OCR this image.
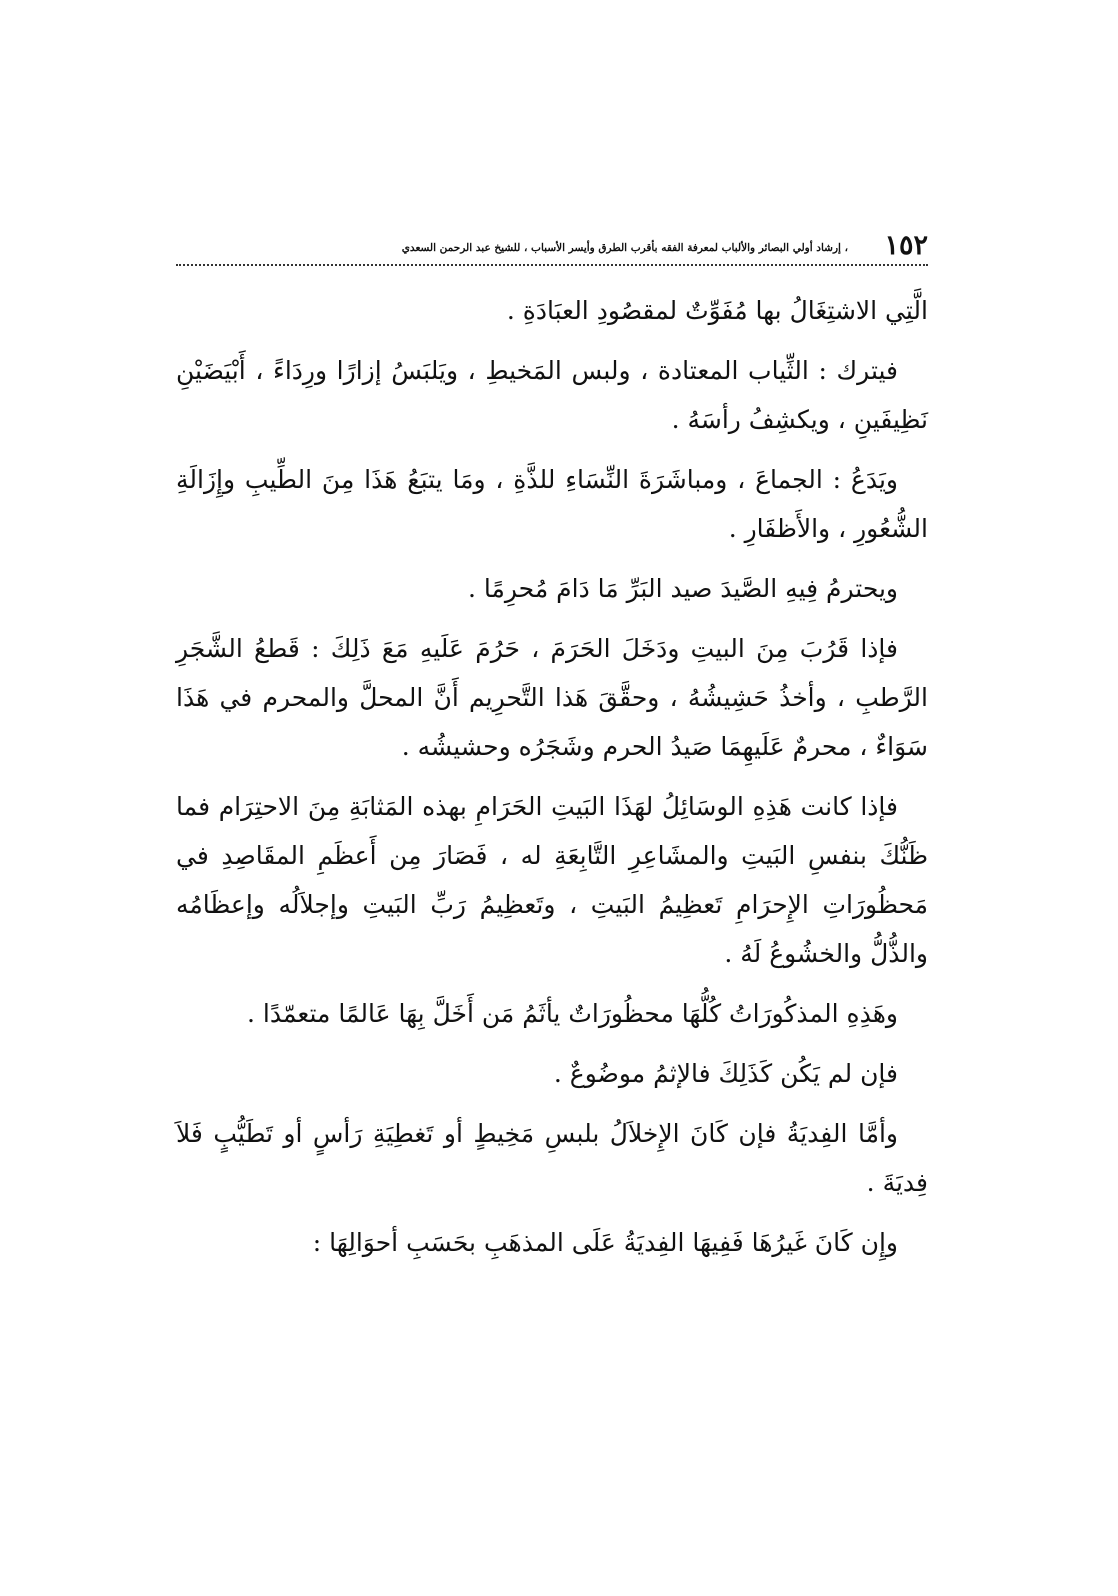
١٥٢
، إرشاد أولي البصائر والألباب لمعرفة الفقه بأقرب الطرق وأيسر الأسباب ، للشيخ عبد الرحمن السعدي

الَّتِي الاشتِغَالُ بها مُفَوِّتٌ لمقصُودِ العبَادَةِ .

فيترك : الثِّياب المعتادة ، ولبس المَخيطِ ، ويَلبَسُ إزارًا ورِدَاءً ، أَبْيَضَيْنِ نَظِيفَينِ ، ويكشِفُ رأسَهُ .

ويَدَعُ : الجماعَ ، ومباشَرَةَ النِّسَاءِ للذَّةِ ، ومَا يتبَعُ هَذَا مِنَ الطِّيبِ وإِزَالَةِ الشُّعُورِ ، والأَظفَارِ .

ويحترمُ فِيهِ الصَّيدَ صيد البَرِّ مَا دَامَ مُحرِمًا .

فإذا قَرُبَ مِنَ البيتِ ودَخَلَ الحَرَمَ ، حَرُمَ عَلَيهِ مَعَ ذَلِكَ : قَطعُ الشَّجَرِ الرَّطبِ ، وأخذُ حَشِيشُهُ ، وحقَّقَ هَذا التَّحرِيم أَنَّ المحلَّ والمحرم في هَذَا سَوَاءٌ ، محرمٌ عَلَيهِمَا صَيدُ الحرم وشَجَرُه وحشيشُه .

فإذا كانت هَذِهِ الوسَائِلُ لهَذَا البَيتِ الحَرَامِ بهذه المَثابَةِ مِنَ الاحتِرَام فما ظَنُّكَ بنفسِ البَيتِ والمشَاعِرِ التَّابِعَةِ له ، فَصَارَ مِن أَعظَمِ المقَاصِدِ في مَحظُورَاتِ الإِحرَامِ تَعظِيمُ البَيتِ ، وتَعظِيمُ رَبِّ البَيتِ وإجلاَلُه وإعظَامُه والذُّلُّ والخشُوعُ لَهُ .

وهَذِهِ المذكُورَاتُ كُلُّهَا محظُورَاتٌ يأثَمُ مَن أَخَلَّ بِهَا عَالمًا متعمّدًا .

فإن لم يَكُن كَذَلِكَ فالإثمُ موضُوعٌ .

وأمَّا الفِديَةُ فإن كَانَ الإِخلاَلُ بلبسِ مَخِيطٍ أو تَغطِيَةِ رَأسٍ أو تَطَيُّبٍ فَلاَ فِديَةَ .

وإِن كَانَ غَيرُهَا فَفِيهَا الفِديَةُ عَلَى المذهَبِ بحَسَبِ أحوَالِهَا :
